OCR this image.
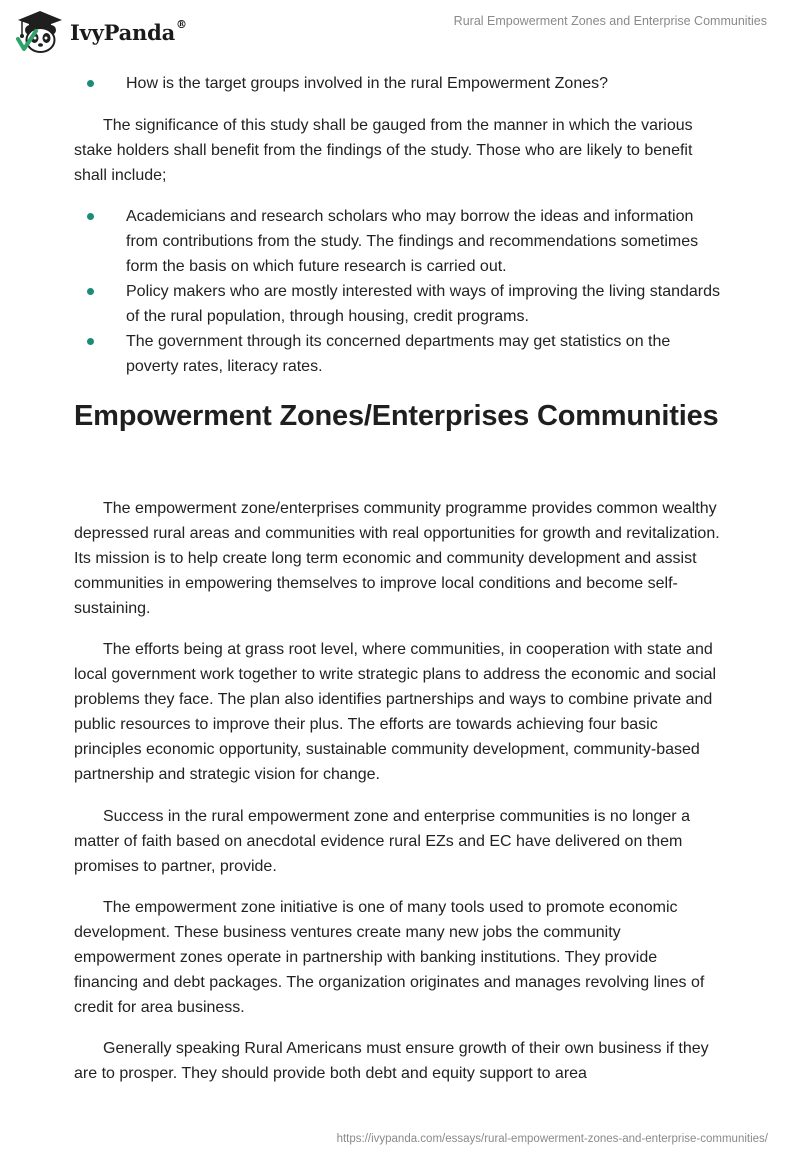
IvyPanda®	Rural Empowerment Zones and Enterprise Communities
How is the target groups involved in the rural Empowerment Zones?

The significance of this study shall be gauged from the manner in which the various stake holders shall benefit from the findings of the study. Those who are likely to benefit shall include;

Academicians and research scholars who may borrow the ideas and information from contributions from the study. The findings and recommendations sometimes form the basis on which future research is carried out.
Policy makers who are mostly interested with ways of improving the living standards of the rural population, through housing, credit programs.
The government through its concerned departments may get statistics on the poverty rates, literacy rates.
Empowerment Zones/Enterprises Communities

The empowerment zone/enterprises community programme provides common wealthy depressed rural areas and communities with real opportunities for growth and revitalization. Its mission is to help create long term economic and community development and assist communities in empowering themselves to improve local conditions and become self-sustaining.

The efforts being at grass root level, where communities, in cooperation with state and local government work together to write strategic plans to address the economic and social problems they face. The plan also identifies partnerships and ways to combine private and public resources to improve their plus. The efforts are towards achieving four basic principles economic opportunity, sustainable community development, community-based partnership and strategic vision for change.

Success in the rural empowerment zone and enterprise communities is no longer a matter of faith based on anecdotal evidence rural EZs and EC have delivered on them promises to partner, provide.

The empowerment zone initiative is one of many tools used to promote economic development. These business ventures create many new jobs the community empowerment zones operate in partnership with banking institutions. They provide financing and debt packages. The organization originates and manages revolving lines of credit for area business.

Generally speaking Rural Americans must ensure growth of their own business if they are to prosper. They should provide both debt and equity support to area

https://ivypanda.com/essays/rural-empowerment-zones-and-enterprise-communities/
